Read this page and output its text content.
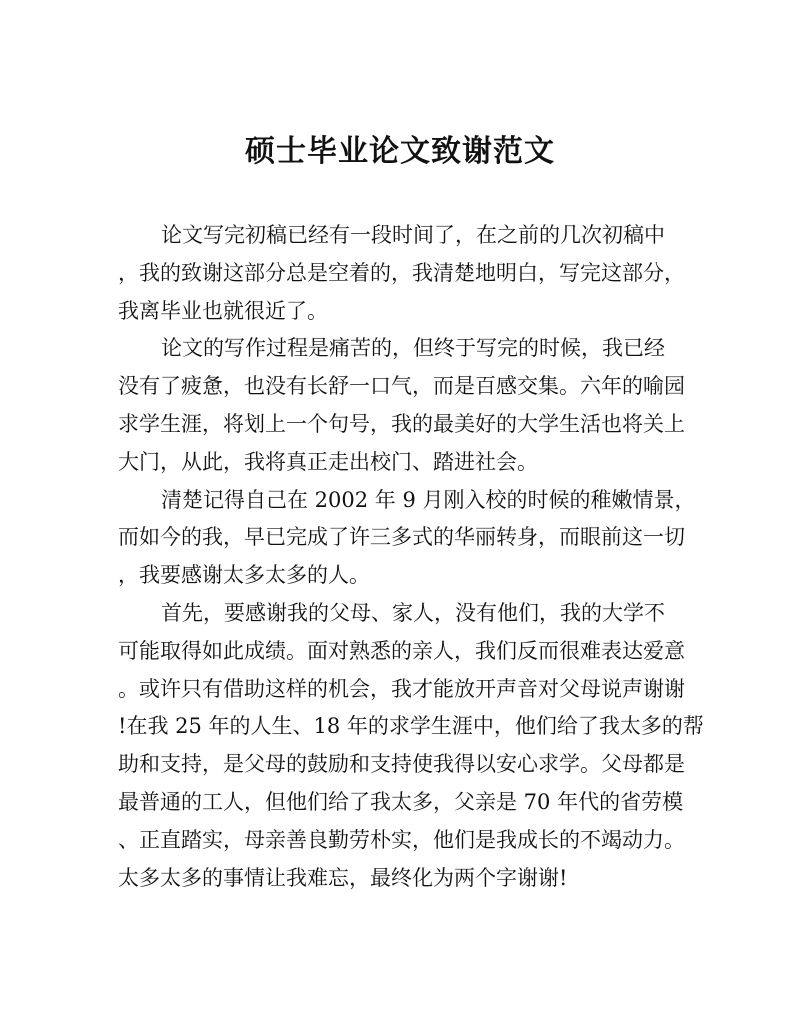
硕士毕业论文致谢范文

论文写完初稿已经有一段时间了，在之前的几次初稿中
，我的致谢这部分总是空着的，我清楚地明白，写完这部分，
我离毕业也就很近了。

论文的写作过程是痛苦的，但终于写完的时候，我已经
没有了疲惫，也没有长舒一口气，而是百感交集。六年的喻园
求学生涯，将划上一个句号，我的最美好的大学生活也将关上
大门，从此，我将真正走出校门、踏进社会。

清楚记得自己在 2002 年 9 月刚入校的时候的稚嫩情景，
而如今的我，早已完成了许三多式的华丽转身，而眼前这一切
，我要感谢太多太多的人。

首先，要感谢我的父母、家人，没有他们，我的大学不
可能取得如此成绩。面对熟悉的亲人，我们反而很难表达爱意
。或许只有借助这样的机会，我才能放开声音对父母说声谢谢
!在我 25 年的人生、18 年的求学生涯中，他们给了我太多的帮
助和支持，是父母的鼓励和支持使我得以安心求学。父母都是
最普通的工人，但他们给了我太多，父亲是 70 年代的省劳模
、正直踏实，母亲善良勤劳朴实，他们是我成长的不竭动力。
太多太多的事情让我难忘，最终化为两个字谢谢!
